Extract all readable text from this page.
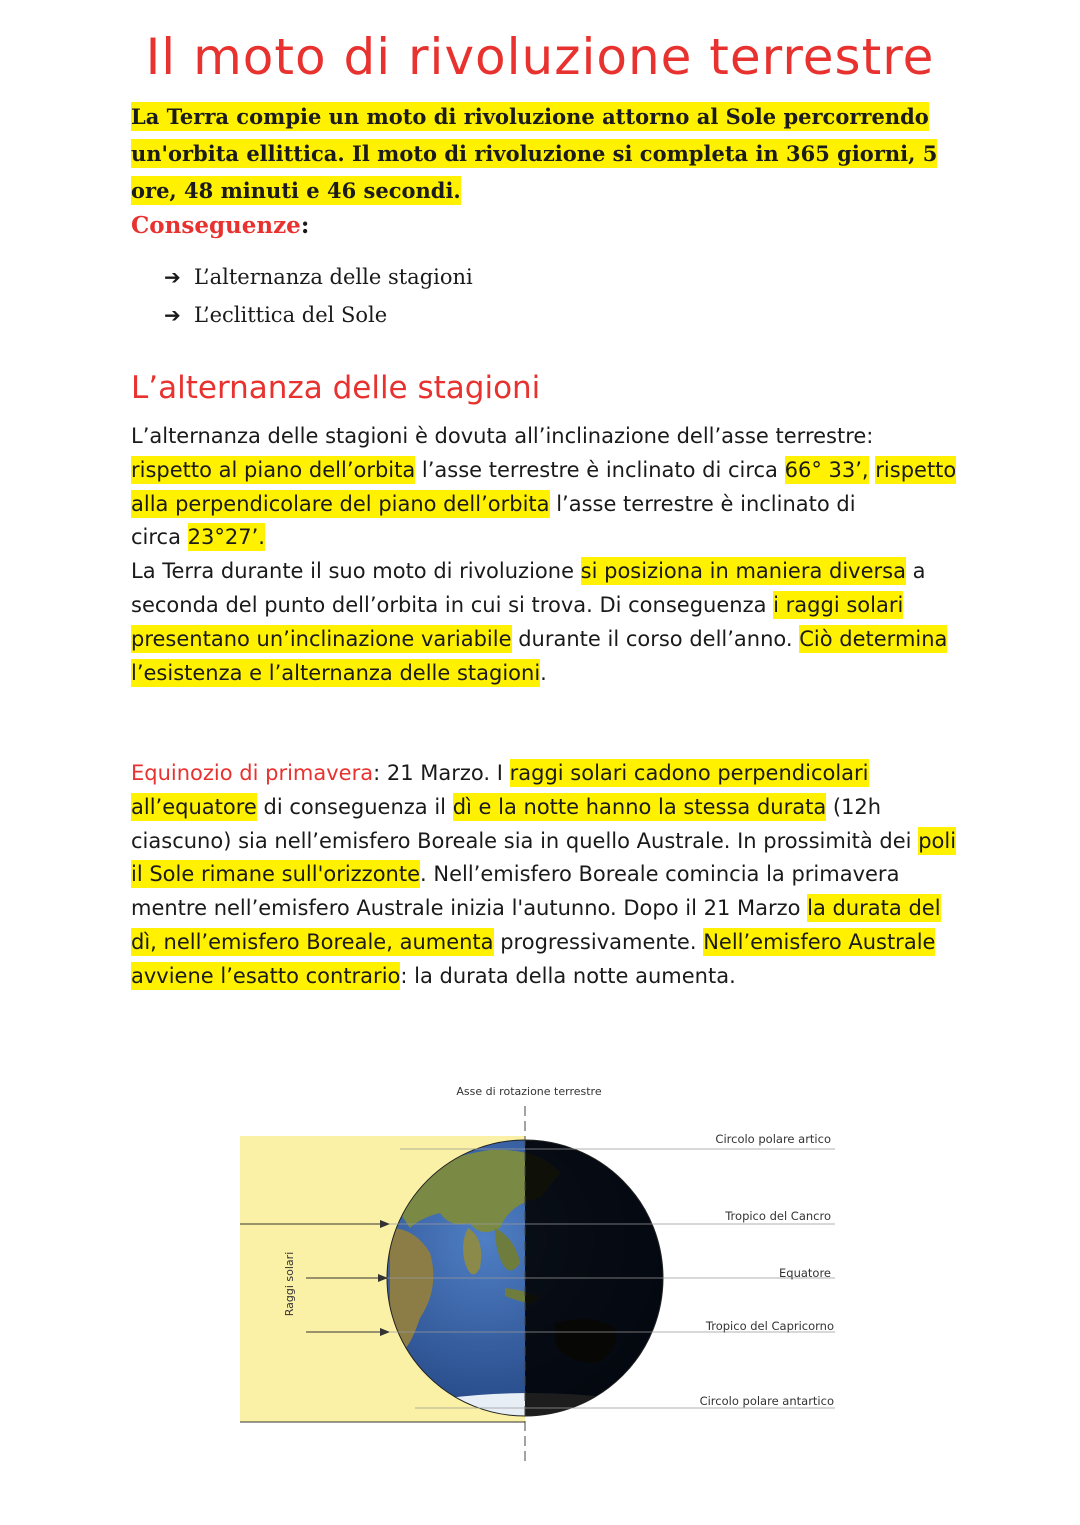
Il moto di rivoluzione terrestre

La Terra compie un moto di rivoluzione attorno al Sole percorrendo un'orbita ellittica. Il moto di rivoluzione si completa in 365 giorni, 5 ore, 48 minuti e 46 secondi.

Conseguenze:

➔ L’alternanza delle stagioni
➔ L’eclittica del Sole
L’alternanza delle stagioni

L’alternanza delle stagioni è dovuta all’inclinazione dell’asse terrestre: rispetto al piano dell’orbita l’asse terrestre è inclinato di circa 66° 33’, rispetto alla perpendicolare del piano dell’orbita l’asse terrestre è inclinato di
circa 23°27’.
La Terra durante il suo moto di rivoluzione si posiziona in maniera diversa a seconda del punto dell’orbita in cui si trova. Di conseguenza i raggi solari presentano un’inclinazione variabile durante il corso dell’anno. Ciò determina l’esistenza e l’alternanza delle stagioni.

Equinozio di primavera: 21 Marzo. I raggi solari cadono perpendicolari all’equatore di conseguenza il dì e la notte hanno la stessa durata (12h ciascuno) sia nell’emisfero Boreale sia in quello Australe. In prossimità dei poli il Sole rimane sull'orizzonte. Nell’emisfero Boreale comincia la primavera mentre nell’emisfero Australe inizia l'autunno. Dopo il 21 Marzo la durata del dì, nell’emisfero Boreale, aumenta progressivamente. Nell’emisfero Australe avviene l’esatto contrario: la durata della notte aumenta.

Asse di rotazione terrestre
Circolo polare artico
Tropico del Cancro
Equatore
Tropico del Capricorno
Circolo polare antartico
Raggi solari
